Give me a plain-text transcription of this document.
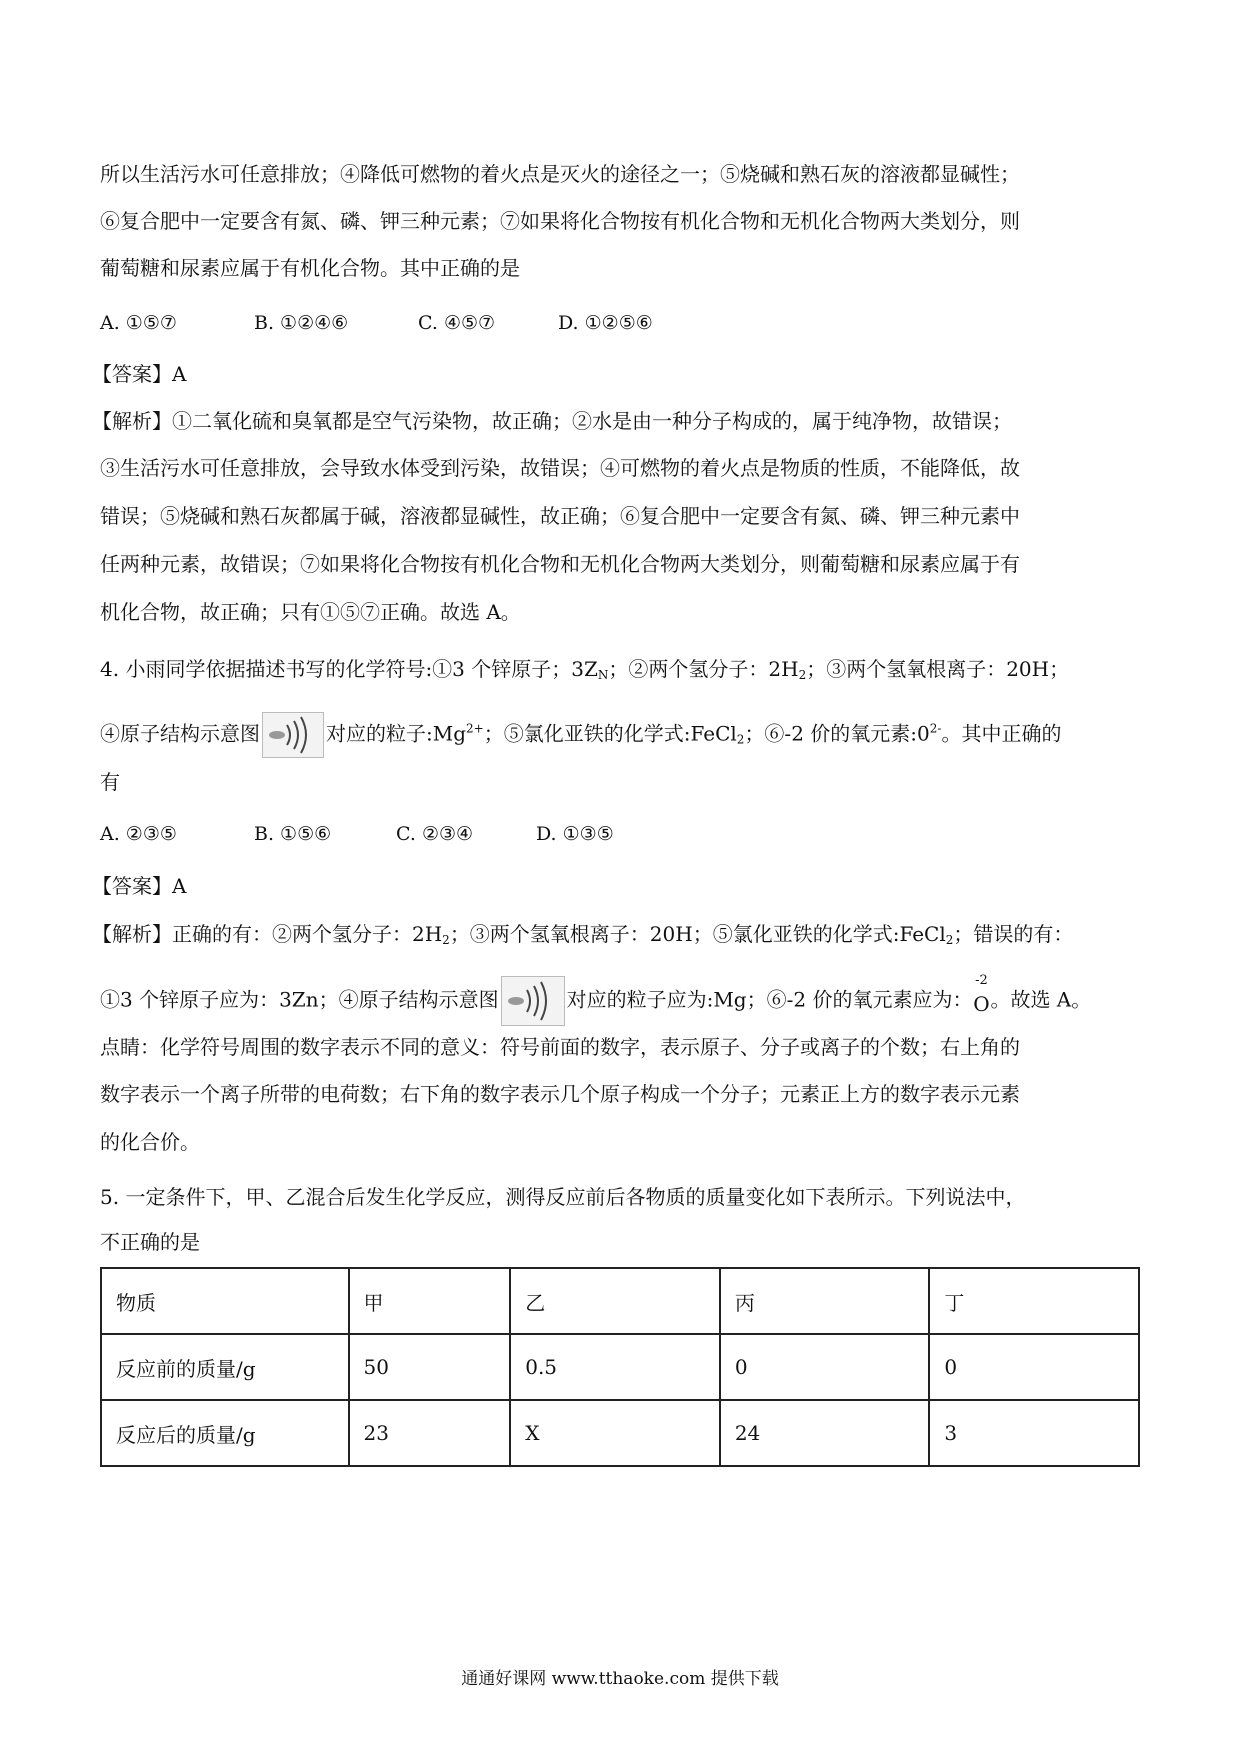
所以生活污水可任意排放；④降低可燃物的着火点是灭火的途径之一；⑤烧碱和熟石灰的溶液都显碱性；
⑥复合肥中一定要含有氮、磷、钾三种元素；⑦如果将化合物按有机化合物和无机化合物两大类划分，则
葡萄糖和尿素应属于有机化合物。其中正确的是
A. ①⑤⑦	B. ①②④⑥	C. ④⑤⑦	D. ①②⑤⑥
【答案】A
【解析】①二氧化硫和臭氧都是空气污染物，故正确；②水是由一种分子构成的，属于纯净物，故错误；
③生活污水可任意排放，会导致水体受到污染，故错误；④可燃物的着火点是物质的性质，不能降低，故
错误；⑤烧碱和熟石灰都属于碱，溶液都显碱性，故正确；⑥复合肥中一定要含有氮、磷、钾三种元素中
任两种元素，故错误；⑦如果将化合物按有机化合物和无机化合物两大类划分，则葡萄糖和尿素应属于有
机化合物，故正确；只有①⑤⑦正确。故选 A。
4. 小雨同学依据描述书写的化学符号:①3 个锌原子；$3Z_N$；②两个氢分子：$2H_2$；③两个氢氧根离子：20H；
④原子结构示意图	对应的粒子$:Mg^{2+}$；⑤氯化亚铁的化学式:FeCl$_2$；⑥-2 价的氧元素$:0^{2-}$。其中正确的
有
A. ②③⑤	B. ①⑤⑥	C. ②③④	D. ①③⑤
【答案】A
【解析】正确的有：②两个氢分子：$2H_2$；③两个氢氧根离子：20H；⑤氯化亚铁的化学式:FeCl$_2$；错误的有：
①3 个锌原子应为：3Zn；④原子结构示意图	对应的粒子应为:Mg；⑥-2 价的氧元素应为：
-2
O。故选 A。
点睛：化学符号周围的数字表示不同的意义：符号前面的数字，表示原子、分子或离子的个数；右上角的
数字表示一个离子所带的电荷数；右下角的数字表示几个原子构成一个分子；元素正上方的数字表示元素
的化合价。
5. 一定条件下，甲、乙混合后发生化学反应，测得反应前后各物质的质量变化如下表所示。下列说法中，
不正确的是
物质	甲	乙	丙	丁
反应前的质量/g	50	0.5	0	0
反应后的质量/g	23	X	24	3
通通好课网 www.tthaoke.com 提供下载
